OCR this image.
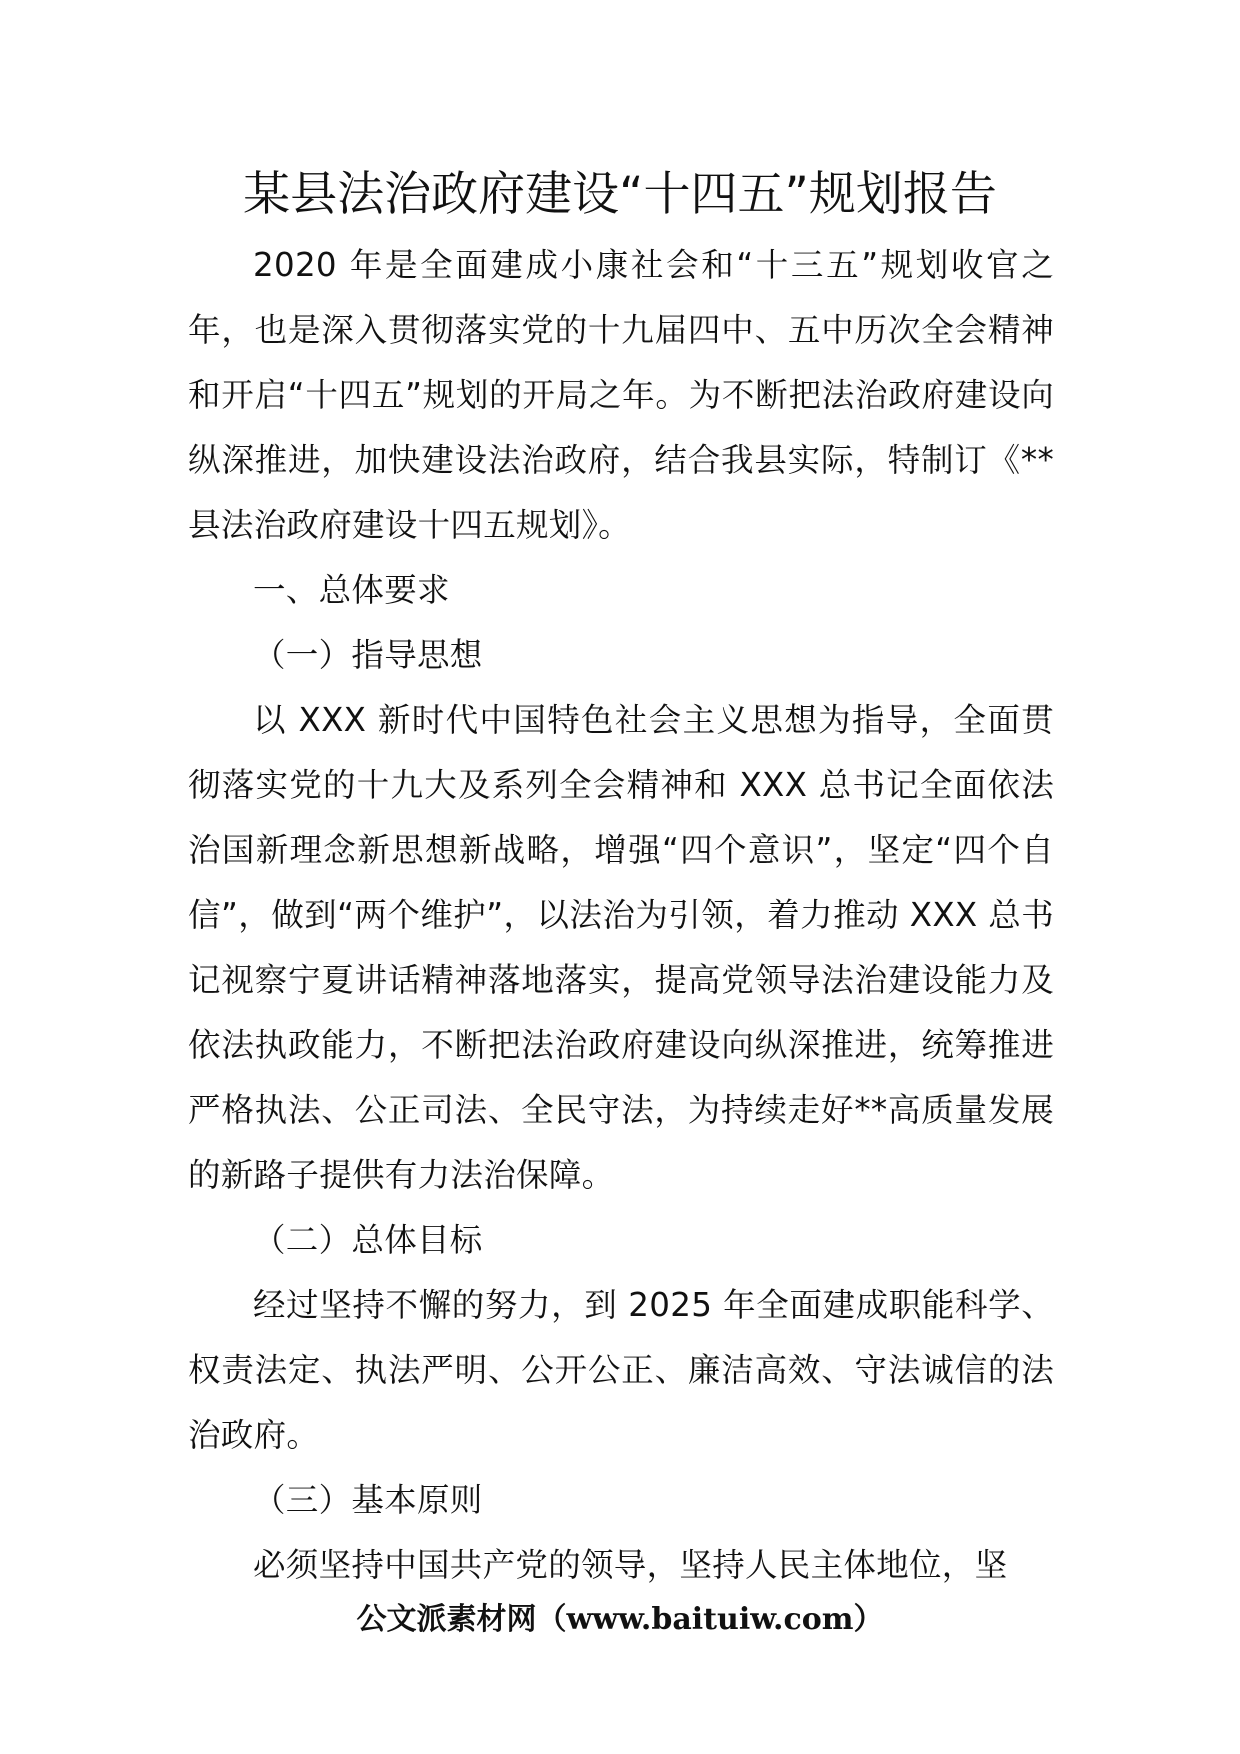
某县法治政府建设“十四五”规划报告

2020 年是全面建成小康社会和“十三五”规划收官之年，也是深入贯彻落实党的十九届四中、五中历次全会精神和开启“十四五”规划的开局之年。为不断把法治政府建设向纵深推进，加快建设法治政府，结合我县实际，特制订《**县法治政府建设十四五规划》。

一、总体要求

（一）指导思想

以 XXX 新时代中国特色社会主义思想为指导，全面贯彻落实党的十九大及系列全会精神和 XXX 总书记全面依法治国新理念新思想新战略，增强“四个意识”，坚定“四个自信”，做到“两个维护”，以法治为引领，着力推动 XXX 总书记视察宁夏讲话精神落地落实，提高党领导法治建设能力及依法执政能力，不断把法治政府建设向纵深推进，统筹推进严格执法、公正司法、全民守法，为持续走好**高质量发展的新路子提供有力法治保障。

（二）总体目标

经过坚持不懈的努力，到 2025 年全面建成职能科学、权责法定、执法严明、公开公正、廉洁高效、守法诚信的法治政府。

（三）基本原则

必须坚持中国共产党的领导，坚持人民主体地位，坚

公文派素材网（www.baituiw.com）
